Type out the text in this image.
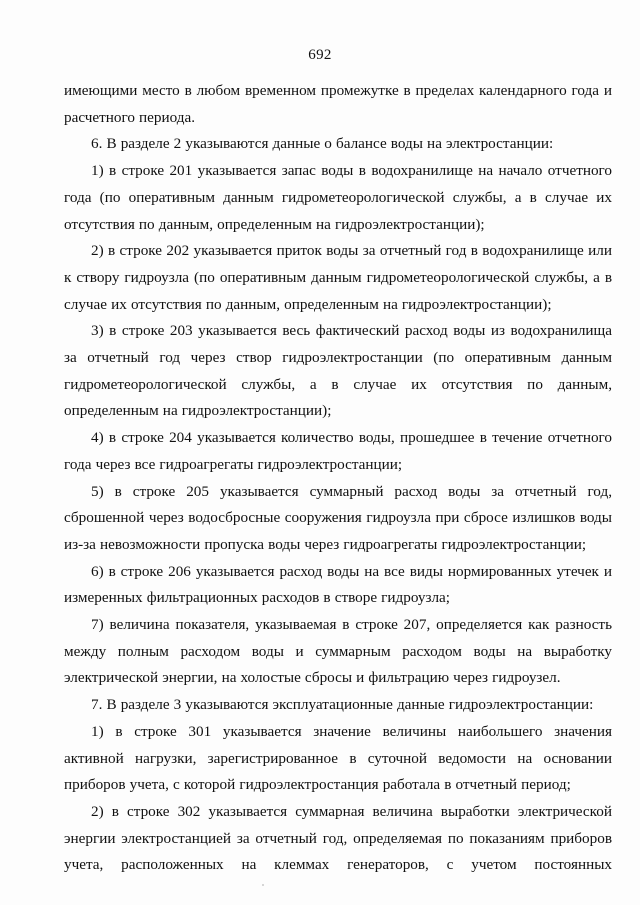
692

имеющими место в любом временном промежутке в пределах календарного года и расчетного периода.

6. В разделе 2 указываются данные о балансе воды на электростанции:

1) в строке 201 указывается запас воды в водохранилище на начало отчетного года (по оперативным данным гидрометеорологической службы, а в случае их отсутствия по данным, определенным на гидроэлектростанции);

2) в строке 202 указывается приток воды за отчетный год в водохранилище или к створу гидроузла (по оперативным данным гидрометеорологической службы, а в случае их отсутствия по данным, определенным на гидроэлектростанции);

3) в строке 203 указывается весь фактический расход воды из водохранилища за отчетный год через створ гидроэлектростанции (по оперативным данным гидрометеорологической службы, а в случае их отсутствия по данным, определенным на гидроэлектростанции);

4) в строке 204 указывается количество воды, прошедшее в течение отчетного года через все гидроагрегаты гидроэлектростанции;

5) в строке 205 указывается суммарный расход воды за отчетный год, сброшенной через водосбросные сооружения гидроузла при сбросе излишков воды из-за невозможности пропуска воды через гидроагрегаты гидроэлектростанции;

6) в строке 206 указывается расход воды на все виды нормированных утечек и измеренных фильтрационных расходов в створе гидроузла;

7) величина показателя, указываемая в строке 207, определяется как разность между полным расходом воды и суммарным расходом воды на выработку электрической энергии, на холостые сбросы и фильтрацию через гидроузел.

7. В разделе 3 указываются эксплуатационные данные гидроэлектростанции:

1) в строке 301 указывается значение величины наибольшего значения активной нагрузки, зарегистрированное в суточной ведомости на основании приборов учета, с которой гидроэлектростанция работала в отчетный период;

2) в строке 302 указывается суммарная величина выработки электрической энергии электростанцией за отчетный год, определяемая по показаниям приборов учета, расположенных на клеммах генераторов, с учетом постоянных
